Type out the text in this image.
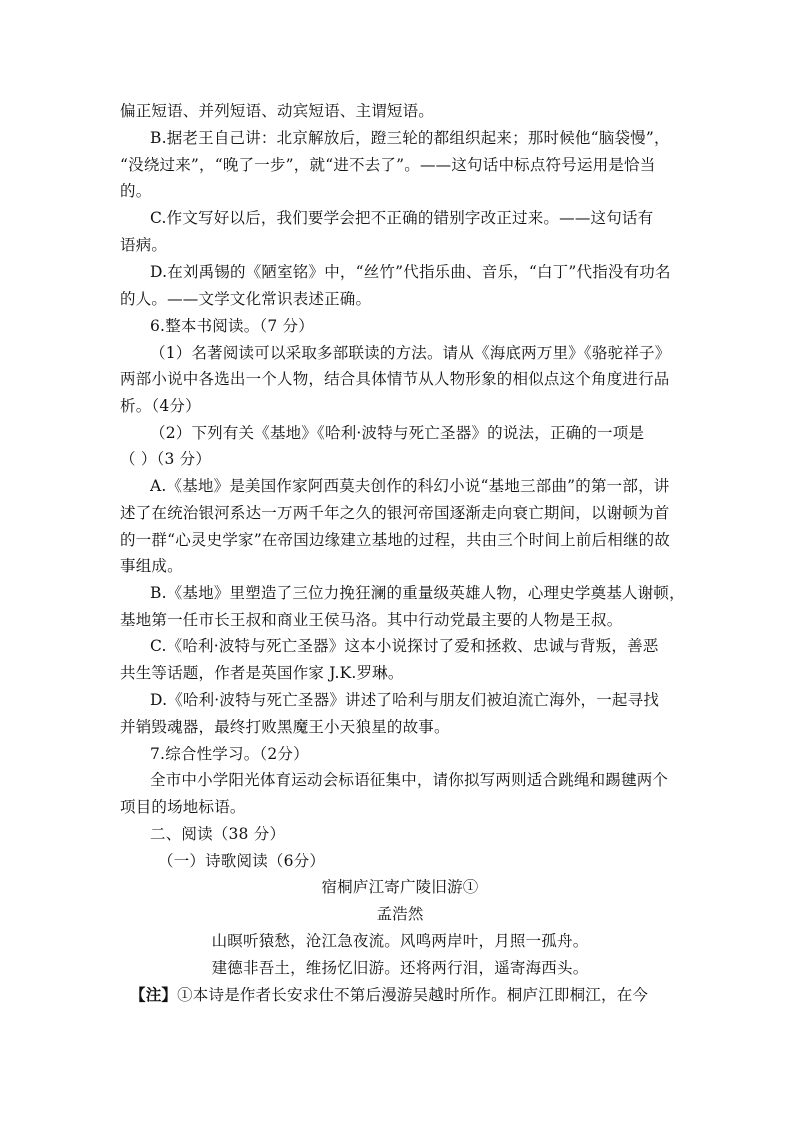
偏正短语、并列短语、动宾短语、主谓短语。
B.据老王自己讲：北京解放后，蹬三轮的都组织起来；那时候他“脑袋慢”，
“没绕过来”，“晚了一步”，就“进不去了”。——这句话中标点符号运用是恰当
的。
C.作文写好以后，我们要学会把不正确的错别字改正过来。——这句话有
语病。
D.在刘禹锡的《陋室铭》中，“丝竹”代指乐曲、音乐，“白丁”代指没有功名
的人。——文学文化常识表述正确。
6.整本书阅读。（7 分）
（1）名著阅读可以采取多部联读的方法。请从《海底两万里》《骆驼祥子》
两部小说中各选出一个人物，结合具体情节从人物形象的相似点这个角度进行品
析。（4分）
（2）下列有关《基地》《哈利·波特与死亡圣器》的说法，正确的一项是
（ ）（3 分）
A.《基地》是美国作家阿西莫夫创作的科幻小说“基地三部曲”的第一部，讲
述了在统治银河系达一万两千年之久的银河帝国逐渐走向衰亡期间，以谢顿为首
的一群“心灵史学家”在帝国边缘建立基地的过程，共由三个时间上前后相继的故
事组成。
B.《基地》里塑造了三位力挽狂澜的重量级英雄人物，心理史学奠基人谢顿，
基地第一任市长王叔和商业王侯马洛。其中行动党最主要的人物是王叔。
C.《哈利·波特与死亡圣器》这本小说探讨了爱和拯救、忠诚与背叛，善恶
共生等话题，作者是英国作家 J.K.罗琳。
D.《哈利·波特与死亡圣器》讲述了哈利与朋友们被迫流亡海外，一起寻找
并销毁魂器，最终打败黑魔王小天狼星的故事。
7.综合性学习。（2分）
全市中小学阳光体育运动会标语征集中，请你拟写两则适合跳绳和踢毽两个
项目的场地标语。
二、阅读（38 分）
（一）诗歌阅读（6分）
宿桐庐江寄广陵旧游①
孟浩然
山暝听猿愁，沧江急夜流。风鸣两岸叶，月照一孤舟。
建德非吾土，维扬忆旧游。还将两行泪，遥寄海西头。
【注】①本诗是作者长安求仕不第后漫游吴越时所作。桐庐江即桐江，在今
